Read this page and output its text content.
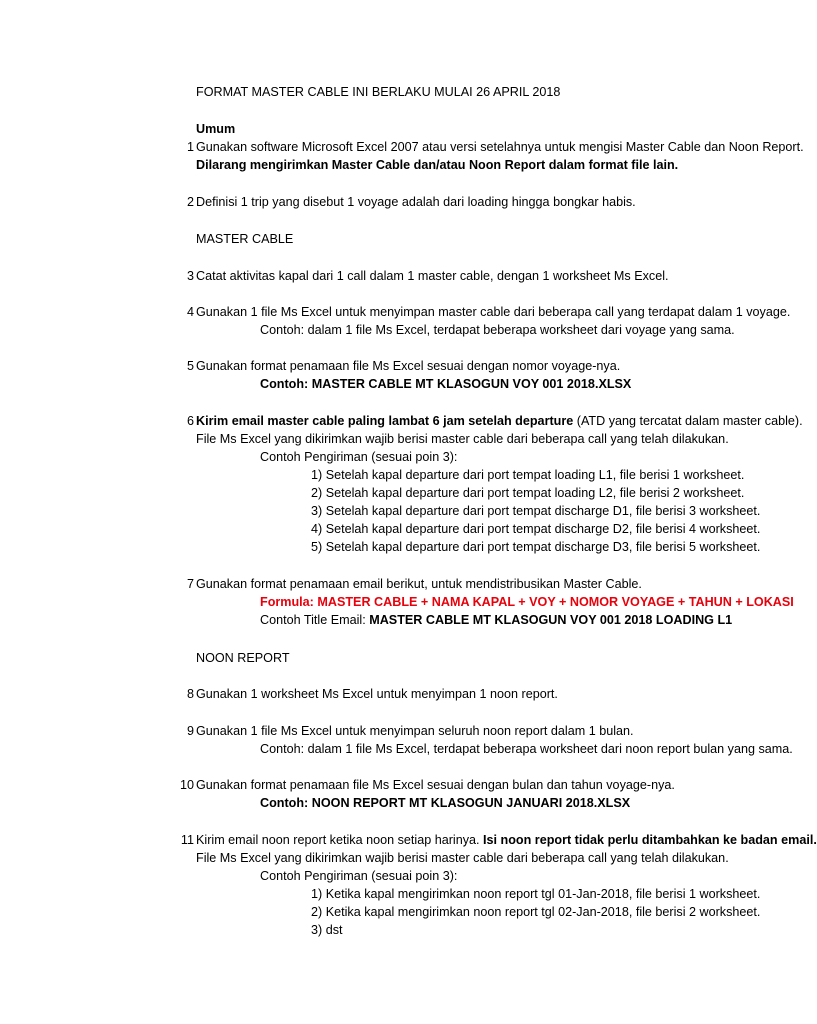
FORMAT MASTER CABLE INI BERLAKU MULAI 26 APRIL 2018
Umum
1 Gunakan software Microsoft Excel 2007 atau versi setelahnya untuk mengisi Master Cable dan Noon Report.
Dilarang mengirimkan Master Cable dan/atau Noon Report dalam format file lain.
2 Definisi 1 trip yang disebut 1 voyage adalah dari loading hingga bongkar habis.
MASTER CABLE
3 Catat aktivitas kapal dari 1 call dalam 1 master cable, dengan 1 worksheet Ms Excel.
4 Gunakan 1 file Ms Excel untuk menyimpan master cable dari beberapa call yang terdapat dalam 1 voyage.
Contoh: dalam 1 file Ms Excel, terdapat beberapa worksheet dari voyage yang sama.
5 Gunakan format penamaan file Ms Excel sesuai dengan nomor voyage-nya.
Contoh: MASTER CABLE MT KLASOGUN VOY 001 2018.XLSX
6 Kirim email master cable paling lambat 6 jam setelah departure (ATD yang tercatat dalam master cable).
File Ms Excel yang dikirimkan wajib berisi master cable dari beberapa call yang telah dilakukan.
Contoh Pengiriman (sesuai poin 3):
1) Setelah kapal departure dari port tempat loading L1, file berisi 1 worksheet.
2) Setelah kapal departure dari port tempat loading L2, file berisi 2 worksheet.
3) Setelah kapal departure dari port tempat discharge D1, file berisi 3 worksheet.
4) Setelah kapal departure dari port tempat discharge D2, file berisi 4 worksheet.
5) Setelah kapal departure dari port tempat discharge D3, file berisi 5 worksheet.
7 Gunakan format penamaan email berikut, untuk mendistribusikan Master Cable.
Formula: MASTER CABLE + NAMA KAPAL + VOY + NOMOR VOYAGE + TAHUN + LOKASI
Contoh Title Email: MASTER CABLE MT KLASOGUN VOY 001 2018 LOADING L1
NOON REPORT
8 Gunakan 1 worksheet Ms Excel untuk menyimpan 1 noon report.
9 Gunakan 1 file Ms Excel untuk menyimpan seluruh noon report dalam 1 bulan.
Contoh: dalam 1 file Ms Excel, terdapat beberapa worksheet dari noon report bulan yang sama.
10 Gunakan format penamaan file Ms Excel sesuai dengan bulan dan tahun voyage-nya.
Contoh: NOON REPORT MT KLASOGUN JANUARI 2018.XLSX
11 Kirim email noon report ketika noon setiap harinya. Isi noon report tidak perlu ditambahkan ke badan email.
File Ms Excel yang dikirimkan wajib berisi master cable dari beberapa call yang telah dilakukan.
Contoh Pengiriman (sesuai poin 3):
1) Ketika kapal mengirimkan noon report tgl 01-Jan-2018, file berisi 1 worksheet.
2) Ketika kapal mengirimkan noon report tgl 02-Jan-2018, file berisi 2 worksheet.
3) dst
